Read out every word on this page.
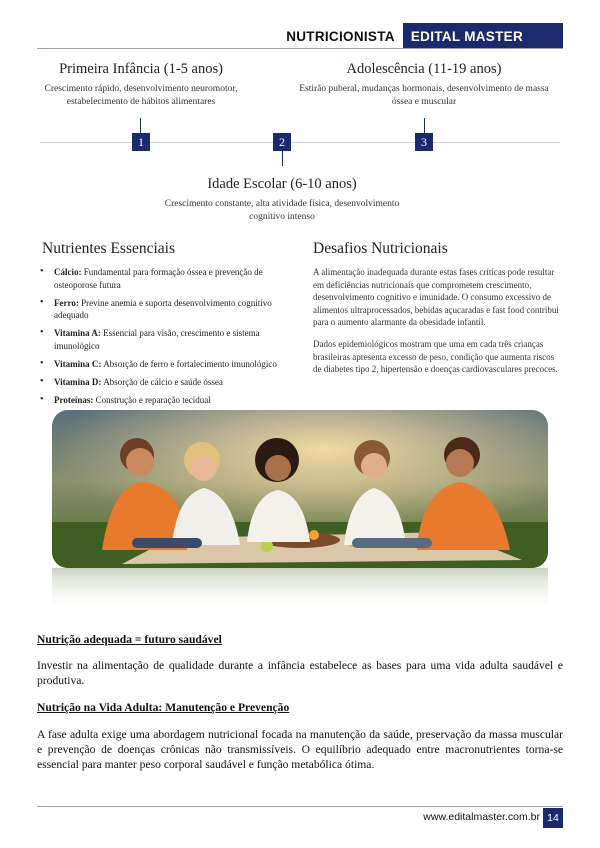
NUTRICIONISTA	EDITAL MASTER
Primeira Infância (1-5 anos)
Crescimento rápido, desenvolvimento neuromotor, estabelecimento de hábitos alimentares
Adolescência (11-19 anos)
Estirão puberal, mudanças hormonais, desenvolvimento de massa óssea e muscular
1	2	3
Idade Escolar (6-10 anos)
Crescimento constante, alta atividade física, desenvolvimento cognitivo intenso
Nutrientes Essenciais
• Cálcio: Fundamental para formação óssea e prevenção de osteoporose futura
• Ferro: Previne anemia e suporta desenvolvimento cognitivo adequado
• Vitamina A: Essencial para visão, crescimento e sistema imunológico
• Vitamina C: Absorção de ferro e fortalecimento imunológico
• Vitamina D: Absorção de cálcio e saúde óssea
• Proteínas: Construção e reparação tecidual
Desafios Nutricionais

A alimentação inadequada durante estas fases críticas pode resultar em deficiências nutricionais que comprometem crescimento, desenvolvimento cognitivo e imunidade. O consumo excessivo de alimentos ultraprocessados, bebidas açucaradas e fast food contribui para o aumento alarmante da obesidade infantil.

Dados epidemiológicos mostram que uma em cada três crianças brasileiras apresenta excesso de peso, condição que aumenta riscos de diabetes tipo 2, hipertensão e doenças cardiovasculares precoces.

Nutrição adequada = futuro saudável
Investir na alimentação de qualidade durante a infância estabelece as bases para uma vida adulta saudável e produtiva.
Nutrição na Vida Adulta: Manutenção e Prevenção
A fase adulta exige uma abordagem nutricional focada na manutenção da saúde, preservação da massa muscular e prevenção de doenças crônicas não transmissíveis. O equilíbrio adequado entre macronutrientes torna-se essencial para manter peso corporal saudável e função metabólica ótima.
www.editalmaster.com.br 14
